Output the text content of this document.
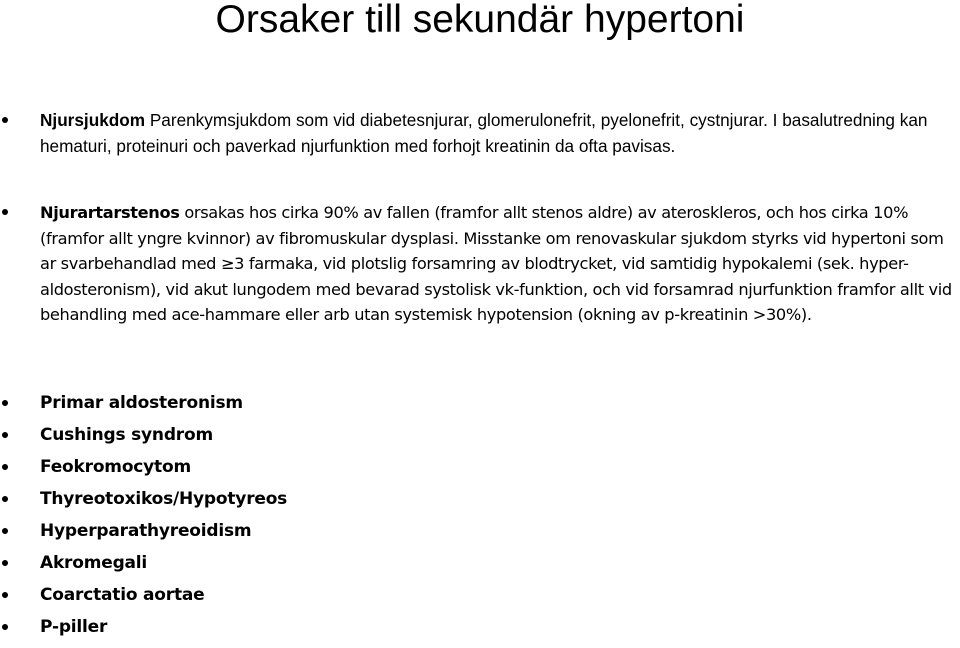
Orsaker till sekundär hypertoni
Njursjukdom Parenkymsjukdom som vid diabetesnjurar, glomerulonefrit, pyelonefrit, cystnjurar. I basalutredning kan hematuri, proteinuri och paverkad njurfunktion med forhojt kreatinin da ofta pavisas.
Njurartarstenos orsakas hos cirka 90% av fallen (framfor allt stenos aldre) av ateroskleros, och hos cirka 10% (framfor allt yngre kvinnor) av fibromuskular dysplasi. Misstanke om renovaskular sjukdom styrks vid hypertoni som ar svarbehandlad med ≥3 farmaka, vid plotslig forsamring av blodtrycket, vid samtidig hypokalemi (sek. hyper-aldosteronism), vid akut lungodem med bevarad systolisk vk-funktion, och vid forsamrad njurfunktion framfor allt vid behandling med ace-hammare eller arb utan systemisk hypotension (okning av p-kreatinin >30%).
Primar aldosteronism
Cushings syndrom
Feokromocytom
Thyreotoxikos/Hypotyreos
Hyperparathyreoidism
Akromegali
Coarctatio aortae
P-piller
